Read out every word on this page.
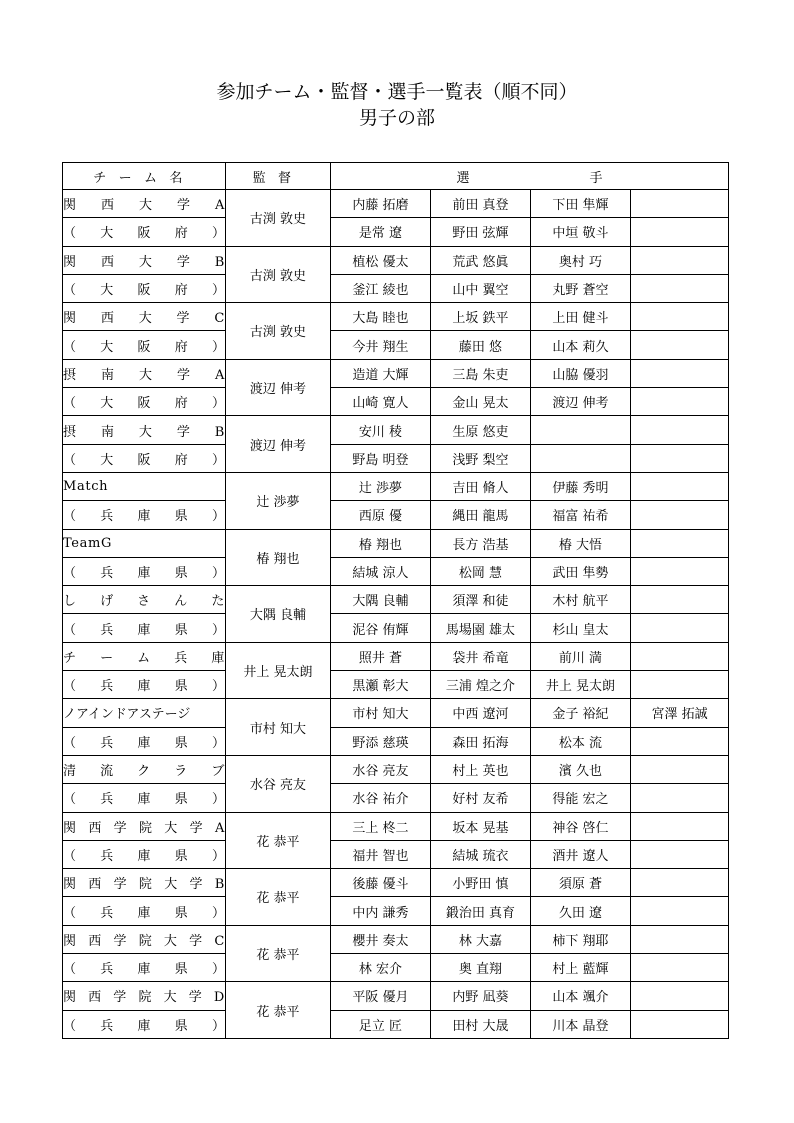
参加チーム・監督・選手一覧表（順不同）
男子の部
チーム名	監督	選 手			
関西大学A	古渕 敦史	内藤 拓磨	前田 真登	下田 隼輝	
（大阪府）		是常 遼	野田 弦輝	中垣 敬斗	
関西大学B	古渕 敦史	植松 優太	荒武 悠眞	奥村 巧	
（大阪府）		釜江 綾也	山中 翼空	丸野 蒼空	
関西大学C	古渕 敦史	大島 睦也	上坂 鉄平	上田 健斗	
（大阪府）		今井 翔生	藤田 悠	山本 莉久	
摂南大学A	渡辺 伸考	造道 大輝	三島 朱吏	山脇 優羽	
（大阪府）		山崎 寛人	金山 晃太	渡辺 伸考	
摂南大学B	渡辺 伸考	安川 稜	生原 悠吏		
（大阪府）		野島 明登	浅野 梨空		
Match	辻 渉夢	辻 渉夢	吉田 脩人	伊藤 秀明	
（兵庫県）		西原 優	縄田 龍馬	福富 祐希	
TeamG	椿 翔也	椿 翔也	長方 浩基	椿 大悟	
（兵庫県）		結城 涼人	松岡 慧	武田 隼勢	
しげさんた	大隅 良輔	大隅 良輔	須澤 和徒	木村 航平	
（兵庫県）		泥谷 侑輝	馬場園 雄太	杉山 皇太	
チーム兵庫	井上 晃太朗	照井 蒼	袋井 希竜	前川 満	
（兵庫県）		黒瀬 彰大	三浦 煌之介	井上 晃太朗	
ノアインドアステージ	市村 知大	市村 知大	中西 遼河	金子 裕紀	宮澤 拓誠
（兵庫県）		野添 慈瑛	森田 拓海	松本 流	
清流クラブ	水谷 亮友	水谷 亮友	村上 英也	濱 久也	
（兵庫県）		水谷 祐介	好村 友希	得能 宏之	
関西学院大学A	花 恭平	三上 柊二	坂本 晃基	神谷 啓仁	
（兵庫県）		福井 智也	結城 琉衣	酒井 遼人	
関西学院大学B	花 恭平	後藤 優斗	小野田 慎	須原 蒼	
（兵庫県）		中内 謙秀	鍛治田 真育	久田 遼	
関西学院大学C	花 恭平	櫻井 奏太	林 大嘉	柿下 翔耶	
（兵庫県）		林 宏介	奥 直翔	村上 藍輝	
関西学院大学D	花 恭平	平阪 優月	内野 凪葵	山本 颯介	
（兵庫県）		足立 匠	田村 大晟	川本 晶登	
